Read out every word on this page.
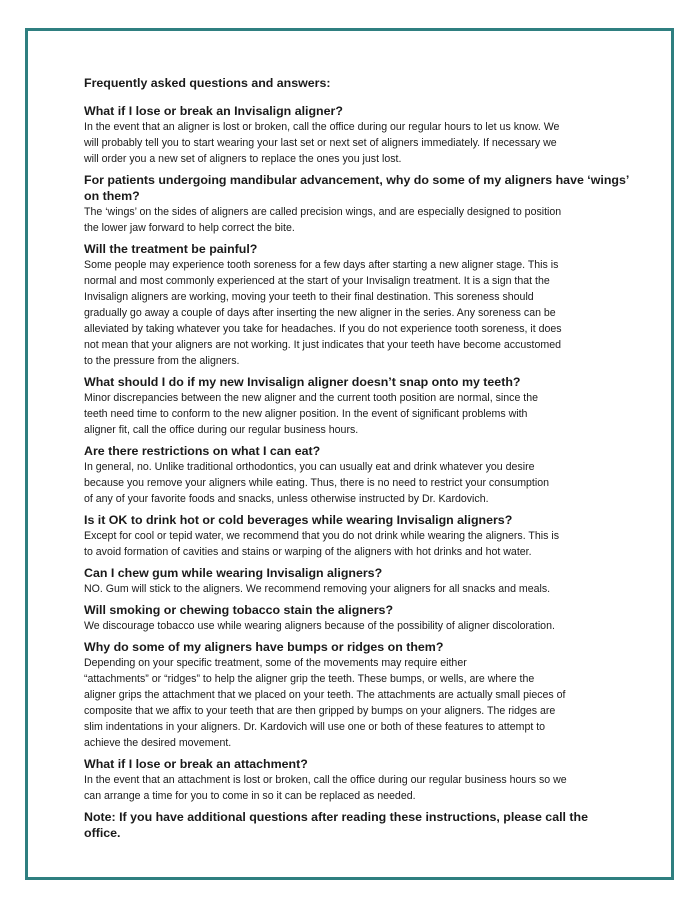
Frequently asked questions and answers:

What if I lose or break an Invisalign aligner?

In the event that an aligner is lost or broken, call the office during our regular hours to let us know. We
will probably tell you to start wearing your last set or next set of aligners immediately. If necessary we
will order you a new set of aligners to replace the ones you just lost.

For patients undergoing mandibular advancement, why do some of my aligners have ‘wings’
on them?

The ‘wings’ on the sides of aligners are called precision wings, and are especially designed to position
the lower jaw forward to help correct the bite.

Will the treatment be painful?

Some people may experience tooth soreness for a few days after starting a new aligner stage. This is
normal and most commonly experienced at the start of your Invisalign treatment. It is a sign that the
Invisalign aligners are working, moving your teeth to their final destination. This soreness should
gradually go away a couple of days after inserting the new aligner in the series. Any soreness can be
alleviated by taking whatever you take for headaches. If you do not experience tooth soreness, it does
not mean that your aligners are not working. It just indicates that your teeth have become accustomed
to the pressure from the aligners.

What should I do if my new Invisalign aligner doesn’t snap onto my teeth?

Minor discrepancies between the new aligner and the current tooth position are normal, since the
teeth need time to conform to the new aligner position. In the event of significant problems with
aligner fit, call the office during our regular business hours.

Are there restrictions on what I can eat?

In general, no. Unlike traditional orthodontics, you can usually eat and drink whatever you desire
because you remove your aligners while eating. Thus, there is no need to restrict your consumption
of any of your favorite foods and snacks, unless otherwise instructed by Dr. Kardovich.

Is it OK to drink hot or cold beverages while wearing Invisalign aligners?

Except for cool or tepid water, we recommend that you do not drink while wearing the aligners. This is
to avoid formation of cavities and stains or warping of the aligners with hot drinks and hot water.

Can I chew gum while wearing Invisalign aligners?

NO. Gum will stick to the aligners. We recommend removing your aligners for all snacks and meals.

Will smoking or chewing tobacco stain the aligners?

We discourage tobacco use while wearing aligners because of the possibility of aligner discoloration.

Why do some of my aligners have bumps or ridges on them?

Depending on your specific treatment, some of the movements may require either
“attachments” or “ridges” to help the aligner grip the teeth. These bumps, or wells, are where the
aligner grips the attachment that we placed on your teeth. The attachments are actually small pieces of
composite that we affix to your teeth that are then gripped by bumps on your aligners. The ridges are
slim indentations in your aligners. Dr. Kardovich will use one or both of these features to attempt to
achieve the desired movement.

What if I lose or break an attachment?

In the event that an attachment is lost or broken, call the office during our regular business hours so we
can arrange a time for you to come in so it can be replaced as needed.

Note: If you have additional questions after reading these instructions, please call the office.
